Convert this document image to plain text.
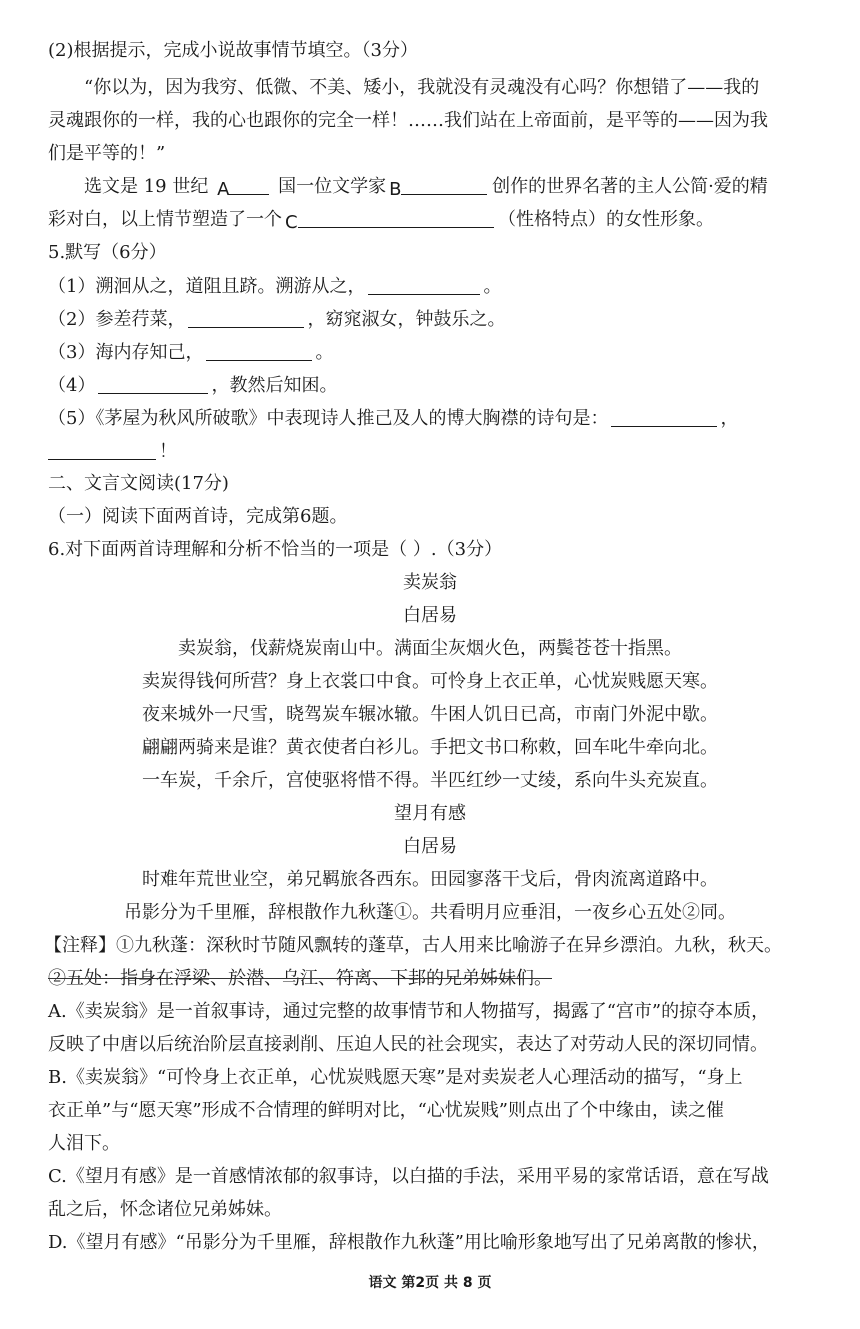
(2)根据提示，完成小说故事情节填空。（3分）
“你以为，因为我穷、低微、不美、矮小，我就没有灵魂没有心吗？你想错了——我的
灵魂跟你的一样，我的心也跟你的完全一样！……我们站在上帝面前，是平等的——因为我
们是平等的！”
选文是 19 世纪 A	国一位文学家 B	创作的世界名著的主人公简·爱的精
彩对白，以上情节塑造了一个 C	（性格特点）的女性形象。
5.默写（6分）
（1）溯洄从之，道阻且跻。溯游从之，	。
（2）参差荇菜，	，窈窕淑女，钟鼓乐之。
（3）海内存知己，	。
（4）	，教然后知困。
（5）《茅屋为秋风所破歌》中表现诗人推己及人的博大胸襟的诗句是：	，
！
二、文言文阅读(17分)
（一）阅读下面两首诗，完成第6题。
6.对下面两首诗理解和分析不恰当的一项是（ ）.（3分）
卖炭翁
白居易
卖炭翁，伐薪烧炭南山中。满面尘灰烟火色，两鬓苍苍十指黑。
卖炭得钱何所营？身上衣裳口中食。可怜身上衣正单，心忧炭贱愿天寒。
夜来城外一尺雪，晓驾炭车辗冰辙。牛困人饥日已高，市南门外泥中歇。
翩翩两骑来是谁？黄衣使者白衫儿。手把文书口称敕，回车叱牛牵向北。
一车炭，千余斤，宫使驱将惜不得。半匹红纱一丈绫，系向牛头充炭直。
望月有感
白居易
时难年荒世业空，弟兄羁旅各西东。田园寥落干戈后，骨肉流离道路中。
吊影分为千里雁，辞根散作九秋蓬①。共看明月应垂泪，一夜乡心五处②同。
【注释】①九秋蓬：深秋时节随风飘转的蓬草，古人用来比喻游子在异乡漂泊。九秋，秋天。
②五处：指身在浮梁、於潜、乌江、符离、下邽的兄弟姊妹们。
A.《卖炭翁》是一首叙事诗，通过完整的故事情节和人物描写，揭露了“宫市”的掠夺本质，
反映了中唐以后统治阶层直接剥削、压迫人民的社会现实，表达了对劳动人民的深切同情。
B.《卖炭翁》“可怜身上衣正单，心忧炭贱愿天寒”是对卖炭老人心理活动的描写，“身上
衣正单”与“愿天寒”形成不合情理的鲜明对比，“心忧炭贱”则点出了个中缘由，读之催
人泪下。
C.《望月有感》是一首感情浓郁的叙事诗，以白描的手法，采用平易的家常话语，意在写战
乱之后，怀念诸位兄弟姊妹。
D.《望月有感》“吊影分为千里雁，辞根散作九秋蓬”用比喻形象地写出了兄弟离散的惨状，
语文 第2页 共 8 页
